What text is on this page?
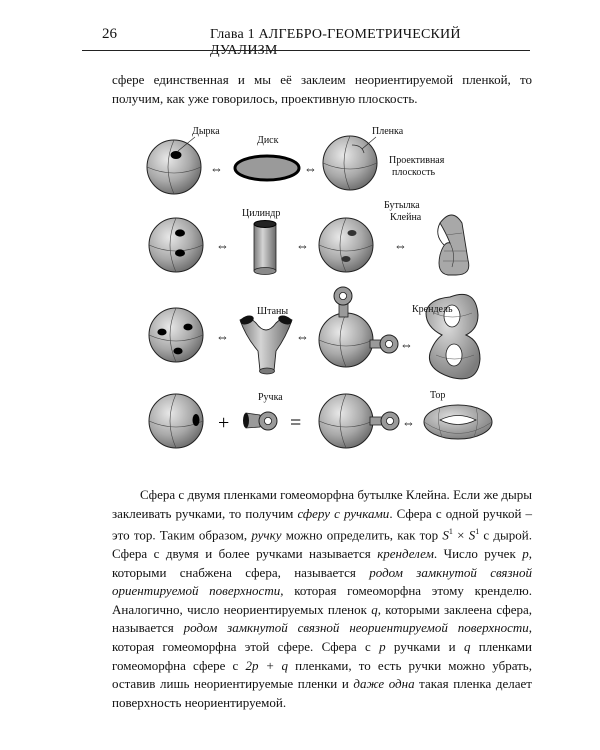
26	Глава 1 АЛГЕБРО-ГЕОМЕТРИЧЕСКИЙ ДУАЛИЗМ
сфере единственная и мы её заклеим неориентируемой пленкой, то получим, как уже говорилось, проективную плоскость.
Дырка
⇔
Диск
⇔
Пленка
Проективная
плоскость
⇔
Цилиндр
⇔	⇔
Бутылка
Клейна
⇔
Штаны
⇔
⇔
Крендель
+
Ручка
=	⇔
Тор

Сфера с двумя пленками гомеоморфна бутылке Клейна. Если же дыры заклеивать ручками, то получим сферу с ручками. Сфера с одной ручкой – это тор. Таким образом, ручку можно определить, как тор $S^1 \times S^1$ с дырой. Сфера с двумя и более ручками называется кренделем. Число ручек p, которыми снабжена сфера, называется родом замкнутой связной ориентируемой поверхности, которая гомеоморфна этому кренделю. Аналогично, число неориентируемых пленок q, которыми заклеена сфера, называется родом замкнутой связной неориентируемой поверхности, которая гомеоморфна этой сфере. Сфера с p ручками и q пленками гомеоморфна сфере с 2p + q пленками, то есть ручки можно убрать, оставив лишь неориентируемые пленки и даже одна такая пленка делает поверхность неориентируемой.
